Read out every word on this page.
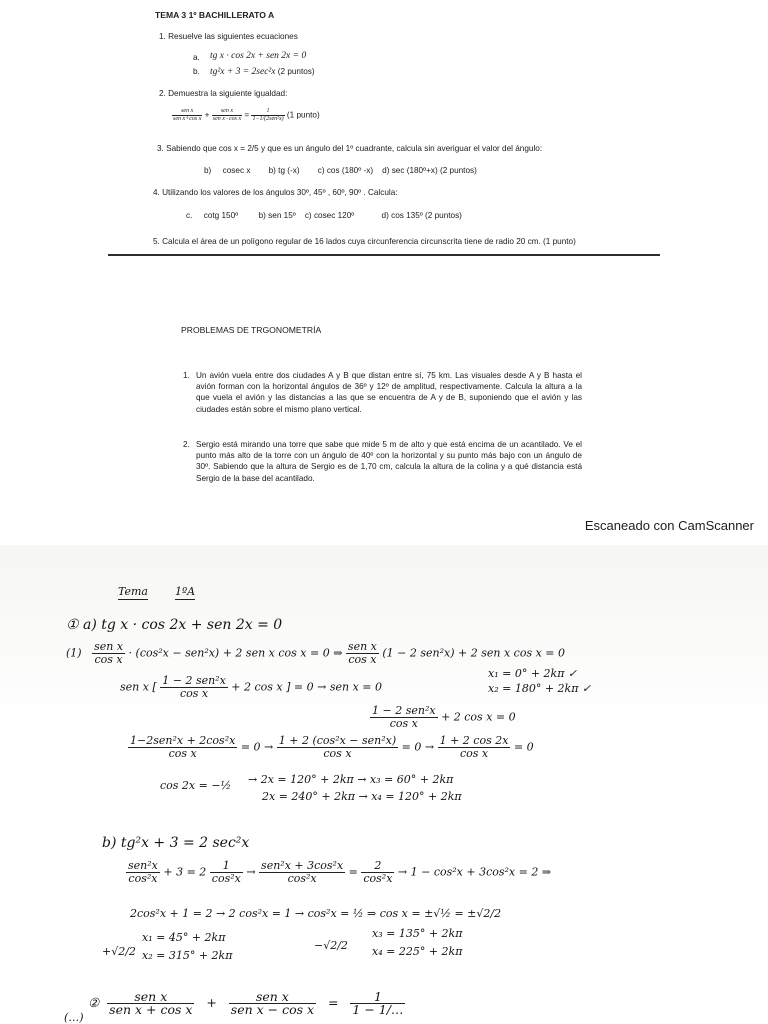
TEMA 3 1º BACHILLERATO A
1. Resuelve las siguientes ecuaciones
a. tg x · cos 2x + sen 2x = 0
b. tg²x + 3 = 2sec²x (2 puntos)
2. Demuestra la siguiente igualdad:
$\frac{\text{sen x}}{\text{sen x+cos x}} + \frac{\text{sen x}}{\text{sen x−cos x}} = \frac{1}{\text{1−1/(2sen²x)}} (1$ punto)
3. Sabiendo que cos x = 2/5 y que es un ángulo del 1º cuadrante, calcula sin averiguar el valor del ángulo:
b)     cosec x        b) tg (-x)        c) cos (180º -x)    d) sec (180º+x) (2 puntos)
4. Utilizando los valores de los ángulos 30º, 45º , 60º, 90º . Calcula:
c.     cotg 150º         b) sen 15º    c) cosec 120º            d) cos 135º (2 puntos)
5. Calcula el área de un polígono regular de 16 lados cuya circunferencia circunscrita tiene de radio 20 cm. (1 punto)
PROBLEMAS DE TRGONOMETRÍA
1. Un avión vuela entre dos ciudades A y B que distan entre sí, 75 km. Las visuales desde A y B hasta el avión forman con la horizontal ángulos de 36º y 12º de amplitud, respectivamente. Calcula la altura a la que vuela el avión y las distancias a las que se encuentra de A y de B, suponiendo que el avión y las ciudades están sobre el mismo plano vertical.
2. Sergio está mirando una torre que sabe que mide 5 m de alto y que está encima de un acantilado. Ve el punto más alto de la torre con un ángulo de 40º con la horizontal y su punto más bajo con un ángulo de 30º. Sabiendo que la altura de Sergio es de 1,70 cm, calcula la altura de la colina y a qué distancia está Sergio de la base del acantilado.
Escaneado con CamScanner
Tema 1ºA
① a) tg x · cos 2x + sen 2x = 0
(1) sen x
cos x · (cos²x − sen²x) + 2 sen x cos x = 0 ⇒ sen x
cos x (1 − 2 sen²x) + 2 sen x cos x = 0
sen x [ 1 − 2 sen²x
cos x	+ 2 cos x ] = 0 → sen x = 0
x₁ = 0° + 2kπ ✓
x₂ = 180° + 2kπ ✓
1 − 2 sen²x
cos x	+ 2 cos x = 0
1−2sen²x + 2cos²x
cos x	= 0 → 1 + 2 (cos²x − sen²x)
cos x	= $0 \to \frac{1 + 2 \cos 2x}{\text{cos x}} = 0$
cos 2x = −½ → 2x = 120° + 2kπ → x₃ = 60° + 2kπ
2x = 240° + 2kπ → x₄ = 120° + 2kπ
b) tg²x + 3 = 2 sec²x
sen²x
$\cos^2x + 3 = 2 \frac{1}{\text{cos²x}} \to sen^2x + 3\cos^2x$
cos²x	= $\frac{2}{\text{cos²x}} \to 1 - \cos^2x + 3\cos^2x = 2$ ⇒
2cos²x + 1 = 2 → 2 cos²x = 1 → cos²x = ½ ⇒ cos x = ±√½ = ±√2/2
+√2/2
x₁ = 45° + 2kπ
x₂ = 315° + 2kπ
−√2/2
x₃ = 135° + 2kπ
x₄ = 225° + 2kπ
②	sen x
sen x + cos x +	sen x
sen $x - \cos x = \frac{1}{1 - 1/\dots}$
(…)
